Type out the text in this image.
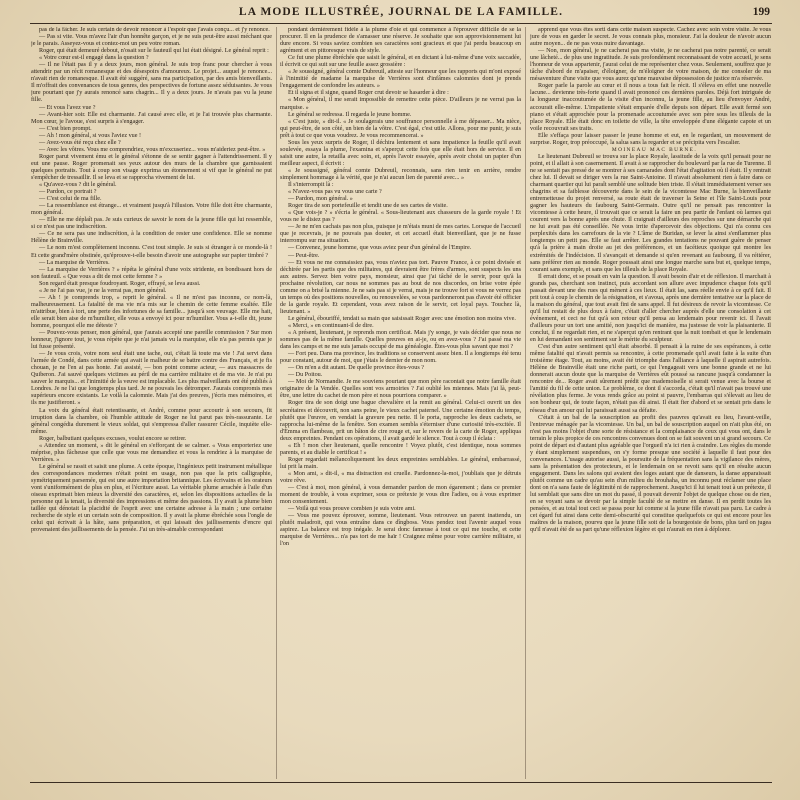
LA MODE ILLUSTRÉE, JOURNAL DE LA FAMILLE.	199

pas de la fâcher. Je suis certain de devoir renoncer à l'espoir que j'avais conçu... et j'y renonce.

— Pas si vite. Vous m'avez l'air d'un honnête garçon, et je ne suis peut-être aussi méchant que je le parais. Asseyez-vous et contez-moi un peu votre roman.

Roger, qui était demeuré debout, n'osait sur le fauteuil qui lui était désigné. Le général reprit :

« Votre cœur est-il engagé dans la question ?

— Il ne l'était pas il y a deux jours, mon général. Je suis trop franc pour chercher à vous attendrir par un récit romanesque et des désespoirs d'amoureux. Le projet... auquel je renonce... n'avait rien de romanesque. Il avait été suggéré, sans ma participation, par des amis bienveillants. Il m'offrait des convenances de tous genres, des perspectives de fortune assez séduisantes. Je vous jure pourtant que j'y aurais renoncé sans chagrin... Il y a deux jours. Je n'avais pas vu la jeune fille.

— Et vous l'avez vue ?

— Avant-hier soir. Elle est charmante. J'ai causé avec elle, et je l'ai trouvée plus charmante. Mon cœur, je l'avoue, s'est surpris à s'engager.

— C'est bien prompt.

— Ah ! mon général, si vous l'aviez vue !

— Avez-vous été reçu chez elle ?

— Avec les vôtres. Vous me comprendriez, vous m'excuseriez... vous m'aideriez peut-être. »

Roger parut vivement ému et le général s'étonne de se sentir gagner à l'attendrissement. Il y eut une pause. Roger promenait ses yeux autour des murs de la chambre que garnissaient quelques portraits. Tout à coup son visage exprima un étonnement si vif que le général ne put s'empêcher de tressaillir. Il se leva et se rapprocha vivement de lui.

« Qu'avez-vous ? dit le général.

— Pardon, ce portrait ?

— C'est celui de ma fille.

— La ressemblance est étrange... et vraiment jusqu'à l'illusion. Votre fille doit être charmante, mon général.

— Elle ne me déplaît pas. Je suis curieux de savoir le nom de la jeune fille qui lui ressemble, si ce n'est pas une indiscrétion.

— Ce ne sera pas une indiscrétion, à la condition de rester une confidence. Elle se nomme Hélène de Brainville.

— Le nom m'est complètement inconnu. C'est tout simple. Je suis si étranger à ce monde-là ! Et cette grand'mère obstinée, qu'éprouve-t-elle besoin d'avoir une autographe sur papier timbré ?

— La marquise de Verrières.

— La marquise de Verrières ? » répéta le général d'une voix stridente, en bondissant hors de son fauteuil. « Que vous a dit de moi cette femme ? »

Son regard était presque foudroyant. Roger, effrayé, se leva aussi.

« Je ne l'ai pas vue, je ne la verrai pas, mon général.

— Ah ! je comprends trop, » reprit le général. « Il ne m'est pas inconnu, ce nom-là, malheureusement. La fatalité de ma vie m'a mis sur le chemin de cette femme exaltée. Elle m'attribue, bien à tort, une perte des infortunes de sa famille... jusqu'à son veuvage. Elle me hait, elle serait bien aise de m'humilier, elle vous a envoyé ici pour m'humilier. Vous a-t-elle dit, jeune homme, pourquoi elle me déteste ?

— Pouvez-vous penser, mon général, que j'aurais accepté une pareille commission ? Sur mon honneur, j'ignore tout, je vous répète que je n'ai jamais vu la marquise, elle n'a pas permis que je lui fusse présenté.

— Je vous crois, votre nom seul était une tache, oui, c'était là toute ma vie ! J'ai servi dans l'armée de Condé, dans cette armée qui avait le malheur de se battre contre des Français, et je fis chouan, je ne l'en ai pas honte. J'ai assisté, — bon point comme acteur, — aux massacres de Quiberon. J'ai sauvé quelques victimes au péril de ma carrière militaire et de ma vie. Je n'ai pu sauver le marquis... et l'inimitié de la veuve est implacable. Les plus malveillants ont été publiés à Londres. Je ne l'ai que longtemps plus tard. Je ne pouvais les détromper. J'aurais compromis mes supérieurs encore existants. Le voilà la calomnie. Mais j'ai des preuves, j'écris mes mémoires, et ils me justifieront. »

La voix du général était retentissante, et André, comme pour accourir à son secours, fit irruption dans la chambre, où l'humble attitude de Roger ne lui parut pas très-rassurante. Le général congédia durement le vieux soldat, qui s'empressa d'aller rassurer Cécile, inquiète elle-même.

Roger, balbutiant quelques excuses, voulut encore se retirer.

« Attendez un moment, » dit le général en s'efforçant de se calmer. « Vous emporteriez une méprise, plus fâcheuse que celle que vous me demandiez et vous la rendriez à la marquise de Verrières. »

Le général se rassit et saisit une plume. A cette époque, l'ingénieux petit instrument métallique des correspondances modernes n'était point en usage, non pas que la prix calligraphie, symétriquement parsemée, qui est une autre importation britannique. Les écrivains et les orateurs vont s'uniformément de plus en plus, et l'écriture aussi. La véritable plume arrachée à l'aile d'un oiseau exprimait bien mieux la diversité des caractères, et, selon les dispositions actuelles de la personne qui la tenait, la diversité des impressions et même des passions. Il y avait la plume bien taillée qui dénotait la placidité de l'esprit avec une certaine adresse à la main ; une certaine recherche de style et un certain soin de composition. Il y avait la plume ébréchée sous l'ongle de celui qui écrivait à la hâte, sans préparation, et qui laissait des jaillissements d'encre qui provenaient des jaillissements de la pensée. J'ai un très-aimable correspondant

pondant dernièrement fidèle à la plume d'oie et qui commence à l'éprouver difficile de se la procurer. Il en la prudence de s'amasser une réserve. Je souhaite que son approvisionnement lui dure encore. Si vous saviez combien ses caractères sont gracieux et que j'ai perdu beaucoup en agrément et en pittoresque vrais de style.

Ce fut une plume ébréchée que saisit le général, et en dictant à lui-même d'une voix saccadée, il écrivit ce qui suit sur une feuille assez grossière :

« Je soussigné, général comte Dubreuil, atteste sur l'honneur que les rapports qui m'ont exposé à l'inimitié de madame la marquise de Verrières sont d'infâmes calomnies dont je prends l'engagement de confondre les auteurs. »

Et il signa et il signe, quand Roger crut devoir se hasarder à dire :

« Mon général, il me serait impossible de remettre cette pièce. D'ailleurs je ne verrai pas la marquise. »

Le général se redressa. Il regarda le jeune homme.

« C'est juste, » dit-il. « Je soulagerais une souffrance personnelle à me dépasser... Ma nièce, qui peut-être, de son côté, un bien de la vôtre. C'est égal, c'est utile. Allons, pour me punir, je suis prêt à tout ce que vous voudrez. Je vous recommencerai. »

Sous les yeux surpris de Roger, il déchira lentement et sans impatience la feuille qu'il avait soulevée, essaya la plume, l'examina et s'aperçut cette fois que elle était hors de service. Il en saisit une autre, la retailla avec soin, et, après l'avoir essayée, après avoir choisi un papier d'un meilleur aspect, il écrivit :

« Je soussigné, général comte Dubreuil, reconnais, sans rien tenir en arrière, rendre simplement hommage à la vérité, que je n'ai aucun lien de parenté avec... »

Il s'interrompit là :

« N'avez-vous pas vu vous une carte ?

— Pardon, mon général. »

Roger tira de son portefeuille et tendit une de ses cartes de visite.

« Que vois-je ? » s'écria le général. « Sous-lieutenant aux chasseurs de la garde royale ! Et vous ne le disiez pas ?

— Je ne m'en cachais pas non plus, puisque je m'étais muni de mes cartes. Lorsque de l'accueil que je recevrais, je ne pouvais pas douter, et cet accueil était bienveillant, que je ne fusse interrompu sur ma situation.

— Convenez, jeune homme, que vous aviez peur d'un général de l'Empire.

— Peut-être.

— Et vous ne me connaissiez pas, vous n'aviez pas tort. Pauvre France, à ce point divisée et déchirée par les partis que des militaires, qui devraient être frères d'armes, sont suspects les uns aux autres. Servez bien votre pays, monsieur, ainsi que j'ai tâché de le servir, pour qu'à la prochaine révolution, car nous ne sommes pas au bout de nos discordes, on brise votre épée comme on a brisé la mienne. Je ne sais pas si je verrai, mais je ne trouve fort si vous ne verrez pas un temps où des positions nouvelles, ou renouvelées, se vous pardonneront pas d'avoir été officier de la garde royale. Et cependant, vous avez raison de le servir, cet loyal pays. Touchez là, lieutenant. »

Le général, ébouriffé, tendait sa main que saisissait Roger avec une émotion non moins vive.

« Merci, » en continuant-il de dire.

« A présent, lieutenant, je reprends mon certificat. Mais j'y songe, je vais décider que nous ne sommes pas de la même famille. Quelles preuves en ai-je, ou en avez-vous ? J'ai passé ma vie dans les camps et ne me suis jamais occupé de ma généalogie. Êtes-vous plus savant que moi ?

— Fort peu. Dans ma province, les traditions se conservent assez bien. Il a longtemps été tenu pour constant, autour de moi, que j'étais le dernier de mon nom.

— On m'en a dit autant. De quelle province êtes-vous ?

— Du Poitou.

— Moi de Normandie. Je me souviens pourtant que mon père racontait que notre famille était originaire de la Vendée. Quelles sont vos armoiries ? J'ai oublié les miennes. Mais j'ai là, peut-être, une lettre du cachet de mon père et nous pourrions comparer. »

Roger tira de son doigt une bague chevalière et la remit au général. Celui-ci ouvrit un des secrétaires et découvrit, non sans peine, le vieux cachet paternel. Une certaine émotion du temps, plutôt que l'œuvre, en vendait la gravure peu nette. Il le porta, rapproche les deux cachets, se rapprocha lui-même de la fenêtre. Son examen sembla s'éterniser d'une curiosité très-excitée. Il d'Émma en flambeau, prit un bâton de cire rouge et, sur le revers de la carte de Roger, appliqua deux empreintes. Pendant ces opérations, il avait gardé le silence. Tout à coup il éclata :

« Eh ! mon cher lieutenant, quelle rencontre ! Voyez plutôt, c'est identique, nous sommes parents, et au diable le certificat ! »

Roger regardait mélancoliquement les deux empreintes semblables. Le général, embarrassé, lui prit la main.

« Mon ami, » dit-il, « ma distraction est cruelle. Pardonnez-la-moi, j'oubliais que je détruis votre rêve.

— C'est à moi, mon général, à vous demander pardon de mon égarement ; dans ce premier moment de trouble, à vous exprimer, sous ce prétexte je vous dire l'adieu, ou à vous exprimer mon consentement.

— Voilà qui vous prouve combien je suis votre ami.

— Vous me pouvez éprouver, somme, lieutenant. Vous retrouvez un parent inattendu, un plutôt maladroit, qui vous entraîne dans ce dîngboss. Vous pendez tout l'avenir auquel vous aspirez. La balance est trop inégale. Je serai donc fameuse à tout ce qui me touche, et cette marquise de Verrières... n'a pas tort de me haïr ! Craignez même pour votre carrière militaire, si l'on

apprend que vous êtes sorti dans cette maison suspecte. Cachez avec soin votre visite. Je vous jure de vous en garder le secret. Je vous connais plus, monsieur. J'ai la douleur de n'avoir aucun autre moyen... de ne pas vous nuire davantage.

— Non, mon général, je ne cacherai pas ma visite, je ne cacherai pas notre parenté, ce serait une lâcheté... de plus une ingratitude. Je suis profondément reconnaissant de votre accueil, je sens l'honneur de vous appartenir, j'aurai celui de me représenter chez vous. Seulement, souffrez que je tâche d'abord de m'apaiser, d'éloigner, de m'éloigner de votre maison, de me consoler de ma mésaventure d'une visite que vous aurez qu'une mauvaise dépossession de justice m'a réservée.

Roger parle la parole au cœur et il nous a tous fait le récit. Il s'éleva en effet une nouvelle lacune... devienne très-forte quand il avait prononcé ces dernières paroles. Déjà fort intriguée de la longueur inaccoutumée de la visite d'un inconnu, la jeune fille, au lieu d'envoyer André, accourait elle-même. L'impatiente s'était emparée d'elle depuis son départ. Elle avait fermé son piano et s'était approchée pour la promenade accoutumée avec son père sous les tilleuls de la place Royale. Elle était donc en toilette de ville, la tête enveloppée d'une élégante capote et un voile recouvrait ses traits.

Elle s'effaça pour laisser passer le jeune homme et eut, en le regardant, un mouvement de surprise. Roger, trop préoccupé, la salua sans la regarder et se précipita vers l'escalier.

MOINEAU MAC BURNE.

Le lieutenant Dubreuil se trouva sur la place Royale, lassitude de la voix qu'il pensait pour ne point, et il allait à son casernement. Il avait à se rapprocher du boulevard par la rue de Turenne. Il ne se sentait pas pressé de se montrer à ses camarades dont l'état d'agitation où il était. Il y rentrait chez lui. Il devait se diriger vers la rue Saint-Antoine. Il n'avait absolument rien à faire dans ce charmant quartier qui lui paraît semblé une solitude bien triste. Il s'était immédiatement verser ses chagrins et sa faiblesse découverte dans le sein de la vicomtesse Mac Burne, la bienveillante entremetteuse du projet renversé, sa route était de traverser la Seine et l'île Saint-Louis pour gagner les hauteurs du faubourg Saint-Germain. Outre qu'il ne pensait pas rencontrer la vicomtesse à cette heure, il trouvait que ce serait la faire un peu partir de l'enfant où larmes qui courent vers la bonne après une chute. Il craignait d'ailleurs des reproches sur une démarche qui ne lui avait pas été conseillée. Ne vous irrite d'apercevoir des objections. Qui n'a connu ces perplexités dans les carrefours de la vie ? L'âme de Buridan, se lever la ainsi s'enflammer plus longtemps un petit pas. Elle se faut arrêter. Les grandes tentations ne pouvant guère de penser qu'à la prière à main droite au jet des préférences, et un facétieux quoique qui montre les extrémités de l'indécision. Il s'avançait et demande si qu'en revenant au faubourg, il va réitérer, sans préférer rien au monde. Roger poussait ainsi une longue marche sans but et, quelque temps, courant sans exemple, et sans que les tilleuls de la place Royale.

Il errait donc, et se posait en vain la question. Il avait besoin d'air et de réflexion. Il marchait à grands pas, cherchant son instinct, puis accordant son allure avec impudence chaque fois qu'il passait devant une des rues qui mènent à ces lieux. Il était las, sans réelle envie à ce qu'il fait. Il prit tout à coup le chemin de la résignation, et s'avoua, après une dernière tentative sur la place de la maison du général, que tout avait fini de sans appel. Il fut désireux de revoir la vicomtesse. Ce qu'il lui restait de plus doux à faire, c'était d'aller chercher auprès d'elle une consolation à cet événement, et ceci ne fut qu'à son retour qu'il pensa au lendemain pour revenir ici. Il l'avait d'ailleurs pour un tort une amitié, non jusqu'ici de manière, ma justesse de voir la plaisanterie. Il conclut, il ne regardait rien, et ne s'aperçut qu'en rentrant que la nuit tombait et que le lendemain en lui demandant son sentiment sur le mérite du sculpteur.

C'est d'un autre sentiment qu'il était absorbé. Il pensait à la ruine de ses espérances, à cette même fatalité qui n'avait permis sa rencontre, à cette promenade qu'il avait faite à la suite d'un troisième étage. Tout, au moins, avait été triomphe dans l'alliance à laquelle il aspirait autrefois. Hélène de Brainville était une riche parti, ce qui l'engageait vers une bonne grande et ne lui donnerait aucun doute que la marquise de Verrières eût poussé sa rancune jusqu'à condamner la rencontre de... Roger avait sûrement prédit que mademoiselle si serait venue avec la bourse et l'amitié du fil de cette union. Le problème, ce dont il s'accorda, c'était qu'il n'avait pas trouvé une révélation plus ferme. Je vous rends grâce au point si pauvre, l'embarras qui s'élevait au lieu de son bonheur qui, de toute façon, n'était pas dû ainsi. Il était fier d'abord et se sentait pris dans le réseau d'un amour qui lui paraissait aussi sa défaite.

C'était à un bal de la souscription au profit des pauvres qu'avait eu lieu, l'avant-veille, l'entrevue ménagée par la vicomtesse. Un bal, un bal de souscription auquel on n'ait plus été, on n'est pas moins l'objet d'une sorte de résistance et la complaisance de ceux qui vous ont, dans le terrain le plus propice de ces rencontres convenues dont on se fait souvent un si grand secours. Ce point de départ est d'autant plus agréable que l'orgueil n'a ici rien à craindre. Les règles du monde y étant simplement suspendues, on s'y forme presque une société à laquelle il faut pour des convenances. L'usage autorise aussi, la poursuite de la fréquentation sans la vigilance des mères, sans la présentation des protecteurs, et le lendemain on se revoit sans qu'il en résulte aucun engagement. Dans les salons qui avaient des loges autant que de danseurs, la danse apparaissait plutôt comme un cadre qu'au sein d'un milieu du brouhaha, un inconnu peut réclamer une place dont on n'a sans faute de légitimité ni de rapprochement. Jusqu'ici il lui tenait tout à un prétexte, il lui semblait que sans dire un mot du passé, il pouvait devenir l'objet de quelque chose ou de rien, en se voyant sans se devoir par la simple faculté de se mettre en danse. Il en perdit toutes les pensées, et au total tout ceci se passa pour lui comme si la jeune fille n'avait pas paru. Le cadre à cet égard fut ainsi dans cette demi-obscurité qui constitue quelquefois ce qui est encore pour les maîtres de la maison, pourvu que la jeune fille soit de la bourgeoisie de bons, plus tard on jugea qu'il n'avait été de sa part qu'une réflexion légère et qui n'aurait en rien à déplorer.
